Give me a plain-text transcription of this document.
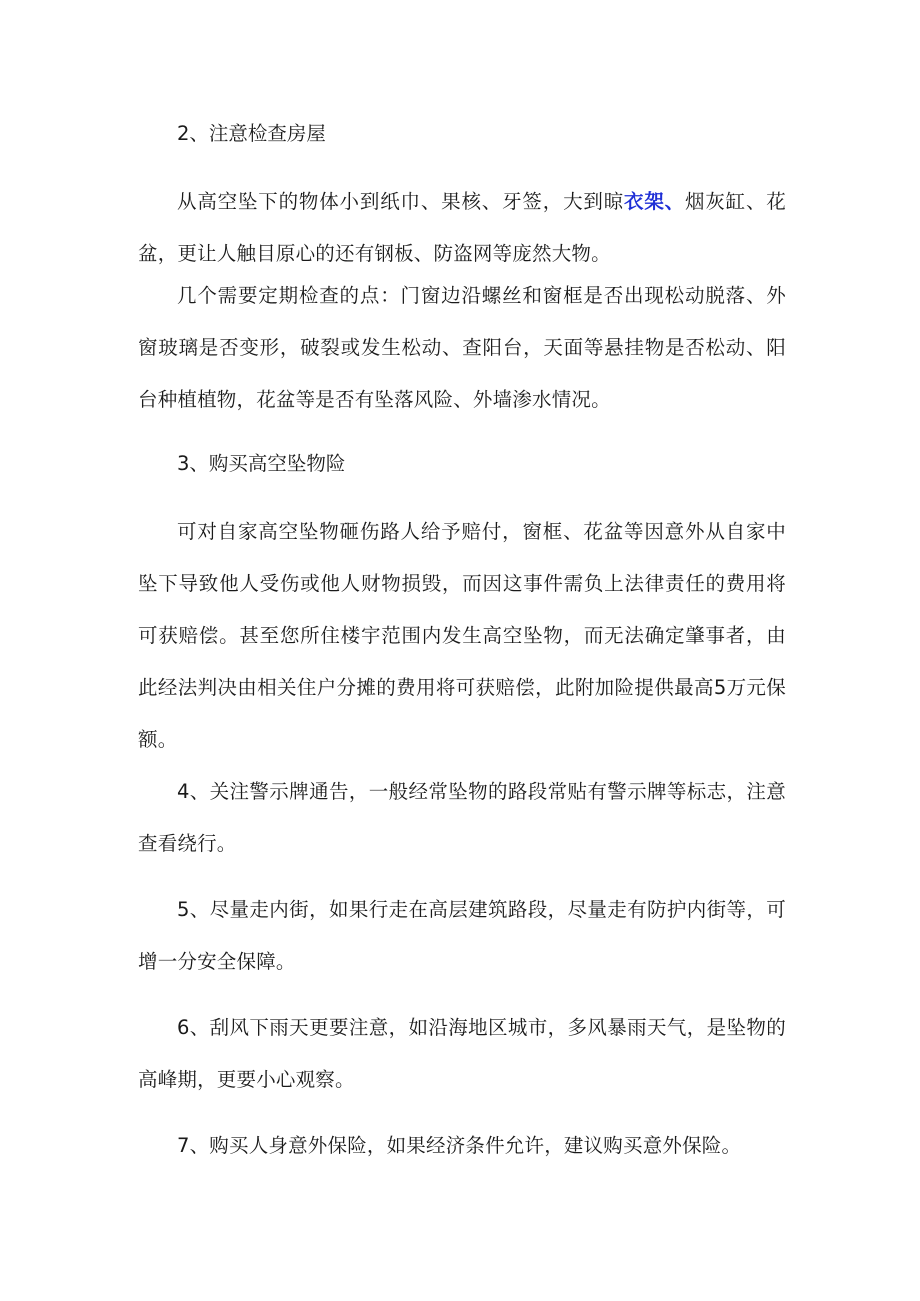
2、注意检查房屋

从高空坠下的物体小到纸巾、果核、牙签，大到晾衣架、烟灰缸、花盆，更让人触目原心的还有钢板、防盗网等庞然大物。

几个需要定期检查的点：门窗边沿螺丝和窗框是否出现松动脱落、外窗玻璃是否变形，破裂或发生松动、查阳台，天面等悬挂物是否松动、阳台种植植物，花盆等是否有坠落风险、外墙渗水情况。

3、购买高空坠物险

可对自家高空坠物砸伤路人给予赔付，窗框、花盆等因意外从自家中坠下导致他人受伤或他人财物损毁，而因这事件需负上法律责任的费用将可获赔偿。甚至您所住楼宇范围内发生高空坠物，而无法确定肇事者，由此经法判决由相关住户分摊的费用将可获赔偿，此附加险提供最高5万元保额。

4、关注警示牌通告，一般经常坠物的路段常贴有警示牌等标志，注意查看绕行。

5、尽量走内街，如果行走在高层建筑路段，尽量走有防护内街等，可增一分安全保障。

6、刮风下雨天更要注意，如沿海地区城市，多风暴雨天气，是坠物的高峰期，更要小心观察。

7、购买人身意外保险，如果经济条件允许，建议购买意外保险。
